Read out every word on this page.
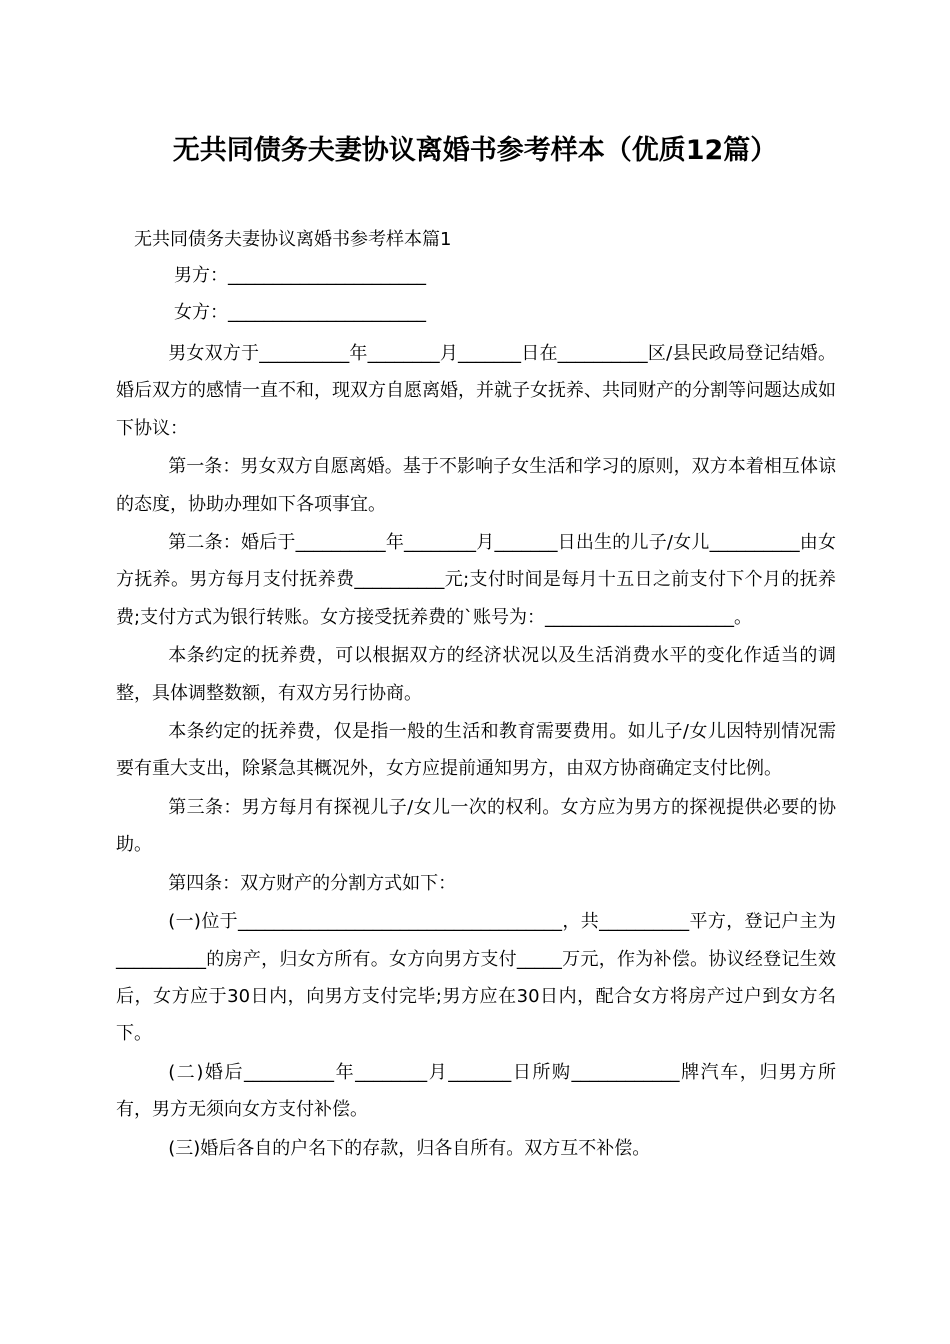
无共同债务夫妻协议离婚书参考样本（优质12篇）

无共同债务夫妻协议离婚书参考样本篇1

男方：______________________

女方：______________________

男女双方于__________年________月_______日在__________区/县民政局登记结婚。婚后双方的感情一直不和，现双方自愿离婚，并就子女抚养、共同财产的分割等问题达成如下协议：

第一条：男女双方自愿离婚。基于不影响子女生活和学习的原则，双方本着相互体谅的态度，协助办理如下各项事宜。

第二条：婚后于__________年________月_______日出生的儿子/女儿__________由女方抚养。男方每月支付抚养费__________元;支付时间是每月十五日之前支付下个月的抚养费;支付方式为银行转账。女方接受抚养费的`账号为：_____________________。

本条约定的抚养费，可以根据双方的经济状况以及生活消费水平的变化作适当的调整，具体调整数额，有双方另行协商。

本条约定的抚养费，仅是指一般的生活和教育需要费用。如儿子/女儿因特别情况需要有重大支出，除紧急其概况外，女方应提前通知男方，由双方协商确定支付比例。

第三条：男方每月有探视儿子/女儿一次的权利。女方应为男方的探视提供必要的协助。

第四条：双方财产的分割方式如下：

(一)位于____________________________________，共__________平方，登记户主为__________的房产，归女方所有。女方向男方支付_____万元，作为补偿。协议经登记生效后，女方应于30日内，向男方支付完毕;男方应在30日内，配合女方将房产过户到女方名下。

(二)婚后__________年________月_______日所购____________牌汽车，归男方所有，男方无须向女方支付补偿。

(三)婚后各自的户名下的存款，归各自所有。双方互不补偿。
